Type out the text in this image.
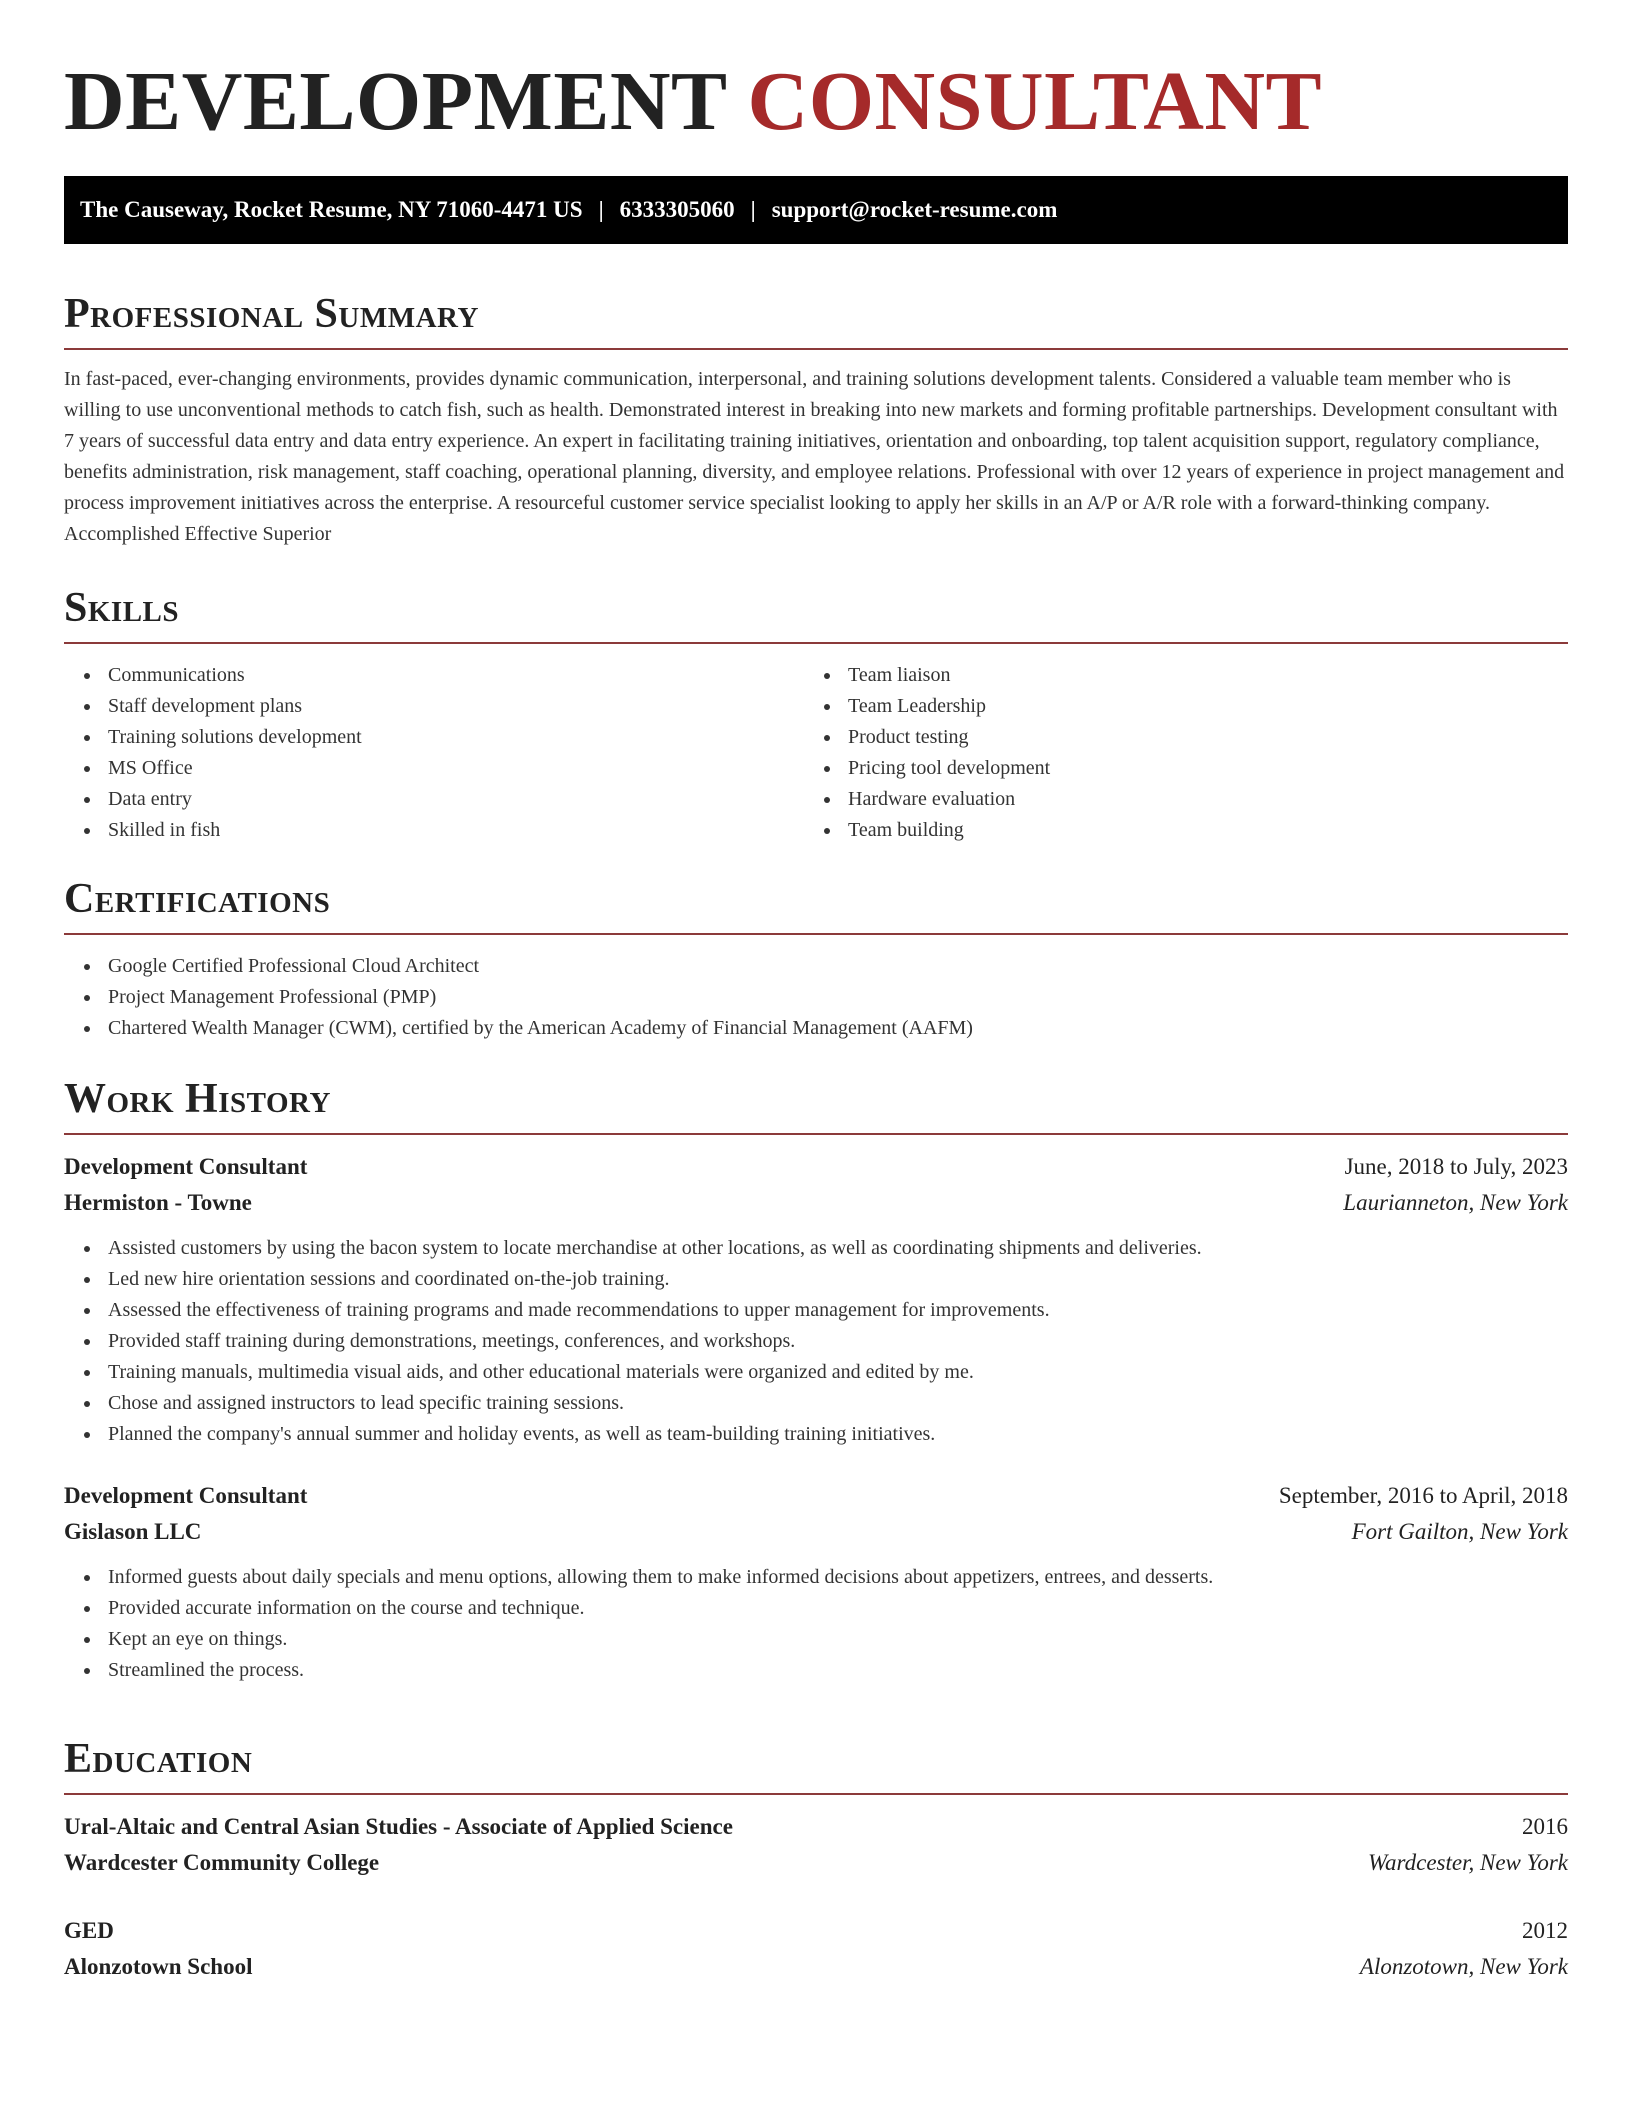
DEVELOPMENT CONSULTANT
The Causeway, Rocket Resume, NY 71060-4471 US | 6333305060 | support@rocket-resume.com
Professional Summary

In fast-paced, ever-changing environments, provides dynamic communication, interpersonal, and training solutions development talents. Considered a valuable team member who is willing to use unconventional methods to catch fish, such as health. Demonstrated interest in breaking into new markets and forming profitable partnerships. Development consultant with 7 years of successful data entry and data entry experience. An expert in facilitating training initiatives, orientation and onboarding, top talent acquisition support, regulatory compliance, benefits administration, risk management, staff coaching, operational planning, diversity, and employee relations. Professional with over 12 years of experience in project management and process improvement initiatives across the enterprise. A resourceful customer service specialist looking to apply her skills in an A/P or A/R role with a forward-thinking company. Accomplished Effective Superior

Skills
Communications
Staff development plans
Training solutions development
MS Office
Data entry
Skilled in fish
Team liaison
Team Leadership
Product testing
Pricing tool development
Hardware evaluation
Team building
Certifications
Google Certified Professional Cloud Architect
Project Management Professional (PMP)
Chartered Wealth Manager (CWM), certified by the American Academy of Financial Management (AAFM)
Work History
Development Consultant	June, 2018 to July, 2023
Hermiston - Towne	Laurianneton, New York
Assisted customers by using the bacon system to locate merchandise at other locations, as well as coordinating shipments and deliveries.
Led new hire orientation sessions and coordinated on-the-job training.
Assessed the effectiveness of training programs and made recommendations to upper management for improvements.
Provided staff training during demonstrations, meetings, conferences, and workshops.
Training manuals, multimedia visual aids, and other educational materials were organized and edited by me.
Chose and assigned instructors to lead specific training sessions.
Planned the company's annual summer and holiday events, as well as team-building training initiatives.
Development Consultant	September, 2016 to April, 2018
Gislason LLC	Fort Gailton, New York
Informed guests about daily specials and menu options, allowing them to make informed decisions about appetizers, entrees, and desserts.
Provided accurate information on the course and technique.
Kept an eye on things.
Streamlined the process.
Education
Ural-Altaic and Central Asian Studies - Associate of Applied Science	2016
Wardcester Community College	Wardcester, New York
GED	2012
Alonzotown School	Alonzotown, New York
